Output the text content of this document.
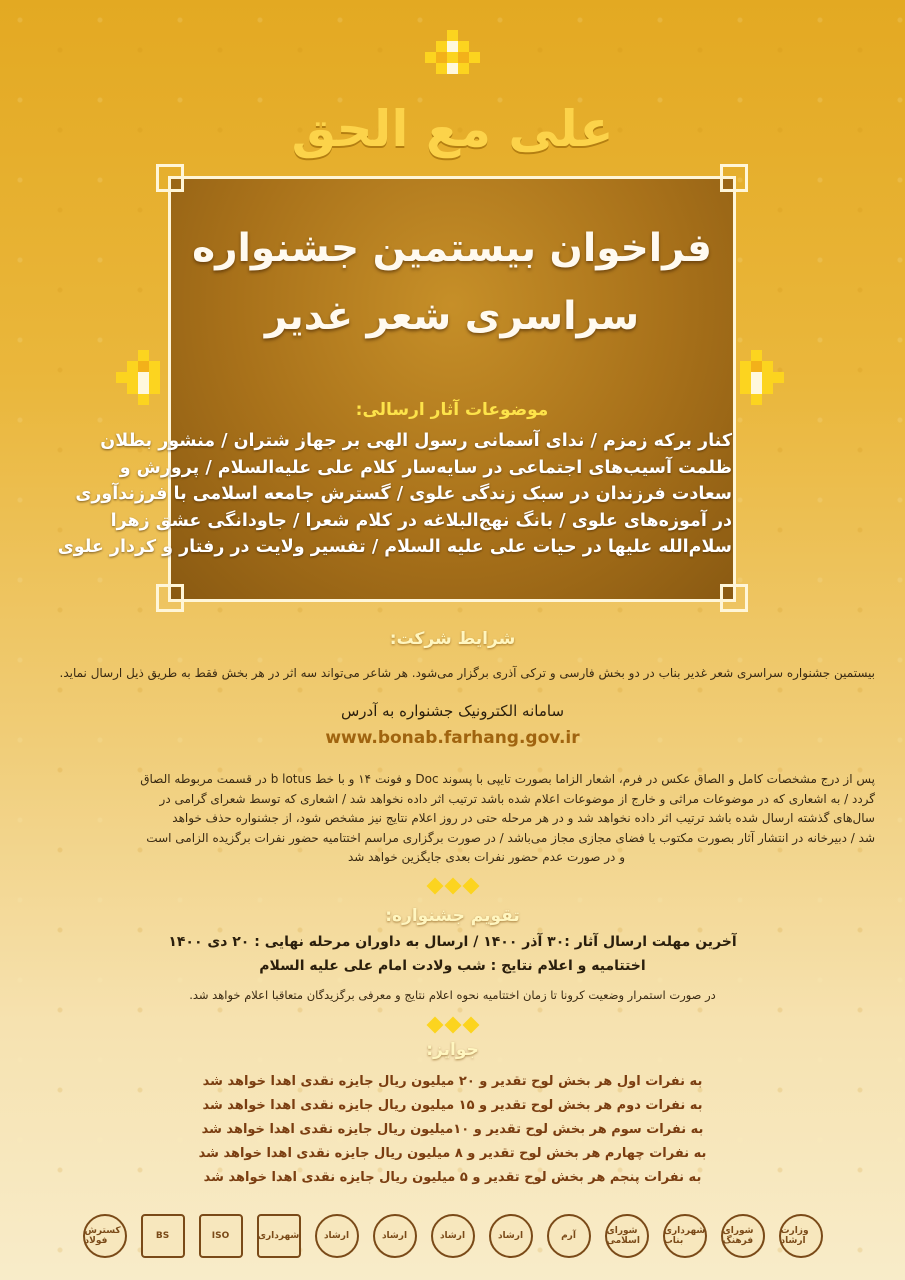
علی مع الحق
فراخوان بیستمین جشنواره
سراسری شعر غدیر
موضوعات آثار ارسالی:
کنار برکه زمزم / ندای آسمانی رسول الهی بر جهاز شتران / منشور بطلان
ظلمت آسیب‌های اجتماعی در سایه‌سار کلام علی علیه‌السلام / پرورش و
سعادت فرزندان در سبک زندگی علوی / گسترش جامعه اسلامی با فرزندآوری
در آموزه‌های علوی / بانگ نهج‌البلاغه در کلام شعرا / جاودانگی عشق زهرا
سلام‌الله علیها در حیات علی علیه السلام / تفسیر ولایت در رفتار و کردار علوی
شرایط شرکت:
بیستمین جشنواره سراسری شعر غدیر بناب در دو بخش فارسی و ترکی آذری برگزار می‌شود. هر شاعر می‌تواند سه اثر در هر بخش فقط به طریق ذیل ارسال نماید.
سامانه الکترونیک جشنواره به آدرس
www.bonab.farhang.gov.ir
پس از درج مشخصات کامل و الصاق عکس در فرم، اشعار الزاما بصورت تایپی با پسوند Doc و فونت ۱۴ و با خط b lotus در قسمت مربوطه الصاق
گردد / به اشعاری که در موضوعات مراثی و خارج از موضوعات اعلام شده باشد ترتیب اثر داده نخواهد شد / اشعاری که توسط شعرای گرامی در
سال‌های گذشته ارسال شده باشد ترتیب اثر داده نخواهد شد و در هر مرحله حتی در روز اعلام نتایج نیز مشخص شود، از جشنواره حذف خواهد
شد / دبیرخانه در انتشار آثار بصورت مکتوب یا فضای مجازی مجاز می‌باشد / در صورت برگزاری مراسم اختتامیه حضور نفرات برگزیده الزامی است
و در صورت عدم حضور نفرات بعدی جایگزین خواهد شد
تقویم جشنواره:
آخرین مهلت ارسال آثار :۳۰ آذر ۱۴۰۰ / ارسال به داوران مرحله نهایی : ۲۰ دی ۱۴۰۰
اختتامیه و اعلام نتایج : شب ولادت امام علی علیه السلام
در صورت استمرار وضعیت کرونا تا زمان اختتامیه نحوه اعلام نتایج و معرفی برگزیدگان متعاقبا اعلام خواهد شد.
جوایز:
به نفرات اول هر بخش لوح تقدیر و ۲۰ میلیون ریال جایزه نقدی اهدا خواهد شد
به نفرات دوم هر بخش لوح تقدیر و ۱۵ میلیون ریال جایزه نقدی اهدا خواهد شد
به نفرات سوم هر بخش لوح تقدیر و ۱۰میلیون ریال جایزه نقدی اهدا خواهد شد
به نفرات چهارم هر بخش لوح تقدیر و ۸ میلیون ریال جایزه نقدی اهدا خواهد شد
به نفرات پنجم هر بخش لوح تقدیر و ۵ میلیون ریال جایزه نقدی اهدا خواهد شد
کسترش فولاد	BS	ISO	شهرداری	ارشاد	ارشاد	ارشاد	ارشاد	آرم	شورای اسلامی
شهرداری بناب
شورای فرهنگ
وزارت ارشاد
